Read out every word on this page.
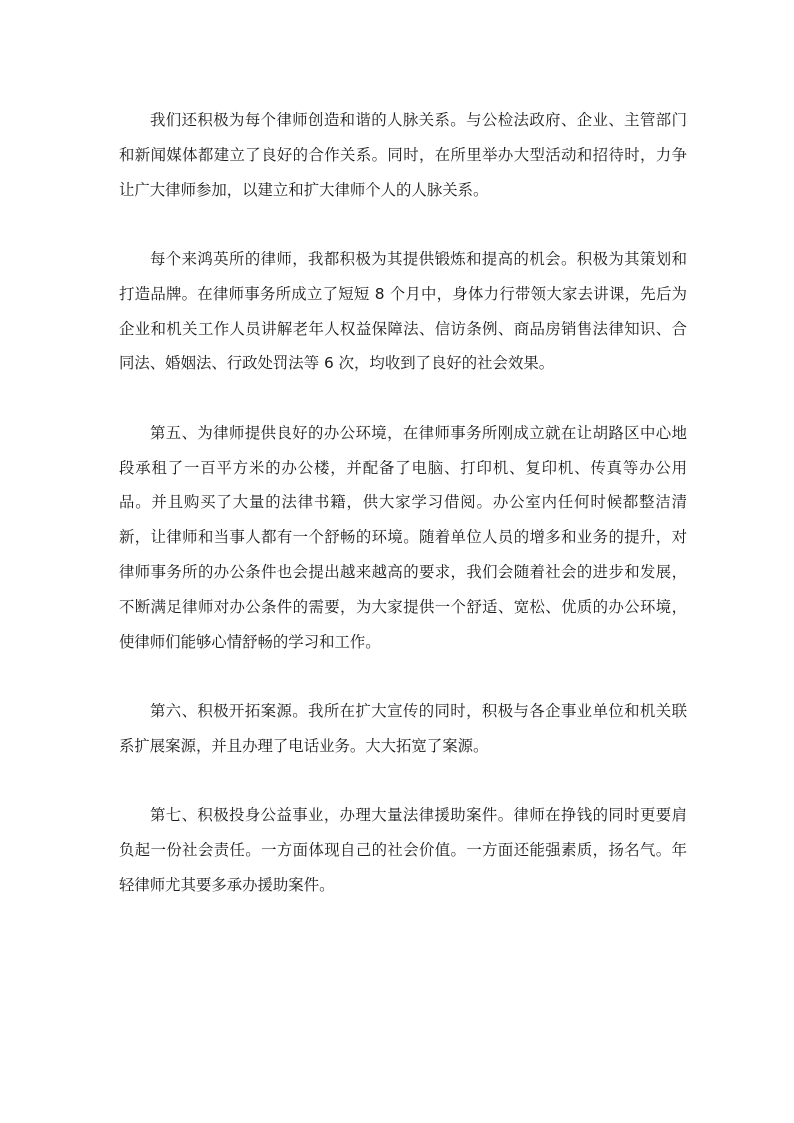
我们还积极为每个律师创造和谐的人脉关系。与公检法政府、企业、主管部门和新闻媒体都建立了良好的合作关系。同时，在所里举办大型活动和招待时，力争让广大律师参加，以建立和扩大律师个人的人脉关系。

每个来鸿英所的律师，我都积极为其提供锻炼和提高的机会。积极为其策划和打造品牌。在律师事务所成立了短短 8 个月中，身体力行带领大家去讲课，先后为企业和机关工作人员讲解老年人权益保障法、信访条例、商品房销售法律知识、合同法、婚姻法、行政处罚法等 6 次，均收到了良好的社会效果。

第五、为律师提供良好的办公环境，在律师事务所刚成立就在让胡路区中心地段承租了一百平方米的办公楼，并配备了电脑、打印机、复印机、传真等办公用品。并且购买了大量的法律书籍，供大家学习借阅。办公室内任何时候都整洁清新，让律师和当事人都有一个舒畅的环境。随着单位人员的增多和业务的提升，对律师事务所的办公条件也会提出越来越高的要求，我们会随着社会的进步和发展，不断满足律师对办公条件的需要，为大家提供一个舒适、宽松、优质的办公环境，使律师们能够心情舒畅的学习和工作。

第六、积极开拓案源。我所在扩大宣传的同时，积极与各企事业单位和机关联系扩展案源，并且办理了电话业务。大大拓宽了案源。

第七、积极投身公益事业，办理大量法律援助案件。律师在挣钱的同时更要肩负起一份社会责任。一方面体现自己的社会价值。一方面还能强素质，扬名气。年轻律师尤其要多承办援助案件。
